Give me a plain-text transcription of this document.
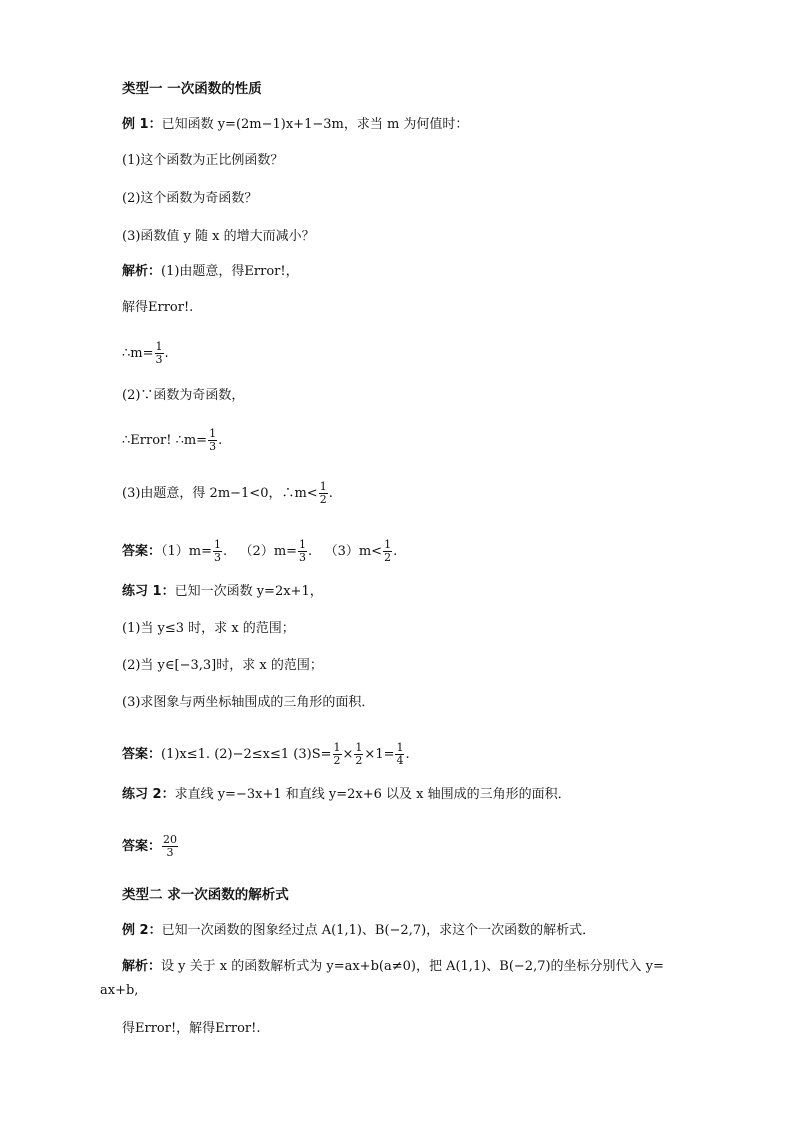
类型一 一次函数的性质
例 1：已知函数 y=(2m−1)x+1−3m，求当 m 为何值时：
(1)这个函数为正比例函数？
(2)这个函数为奇函数？
(3)函数值 y 随 x 的增大而减小？
解析：(1)由题意，得Error!，
解得Error!.
∴m= $\frac{1}{3}$ .
(2)∵函数为奇函数，
∴Error! ∴m= $\frac{1}{3}$ .
(3)由题意，得 2m−1<0，∴m< $\frac{1}{2}$ .
答案：$(1)m= \frac{1}{3}$ .   $(2)m= \frac{1}{3}$ .   $(3)m< \frac{1}{2}$ .
练习 1：已知一次函数 y=2x+1，
(1)当 y≤3 时，求 x 的范围；
(2)当 y∈[−3,3]时，求 x 的范围；
(3)求图象与两坐标轴围成的三角形的面积．
答案：(1)x≤1. (2)−2≤x≤1 $(3)S= \frac{1}{2} \times \frac{1}{2} \times 1= \frac{1}{4}$ .
练习 2：求直线 y=−3x+1 和直线 y=2x+6 以及 x 轴围成的三角形的面积．
答案： $\frac{20}{3}$
类型二 求一次函数的解析式
例 2：已知一次函数的图象经过点 A(1,1)、B(−2,7)，求这个一次函数的解析式．
解析：设 y 关于 x 的函数解析式为 y=ax+b(a≠0)，把 A(1,1)、B(−2,7)的坐标分别代入 y=
ax+b,
得Error!，解得Error!.
